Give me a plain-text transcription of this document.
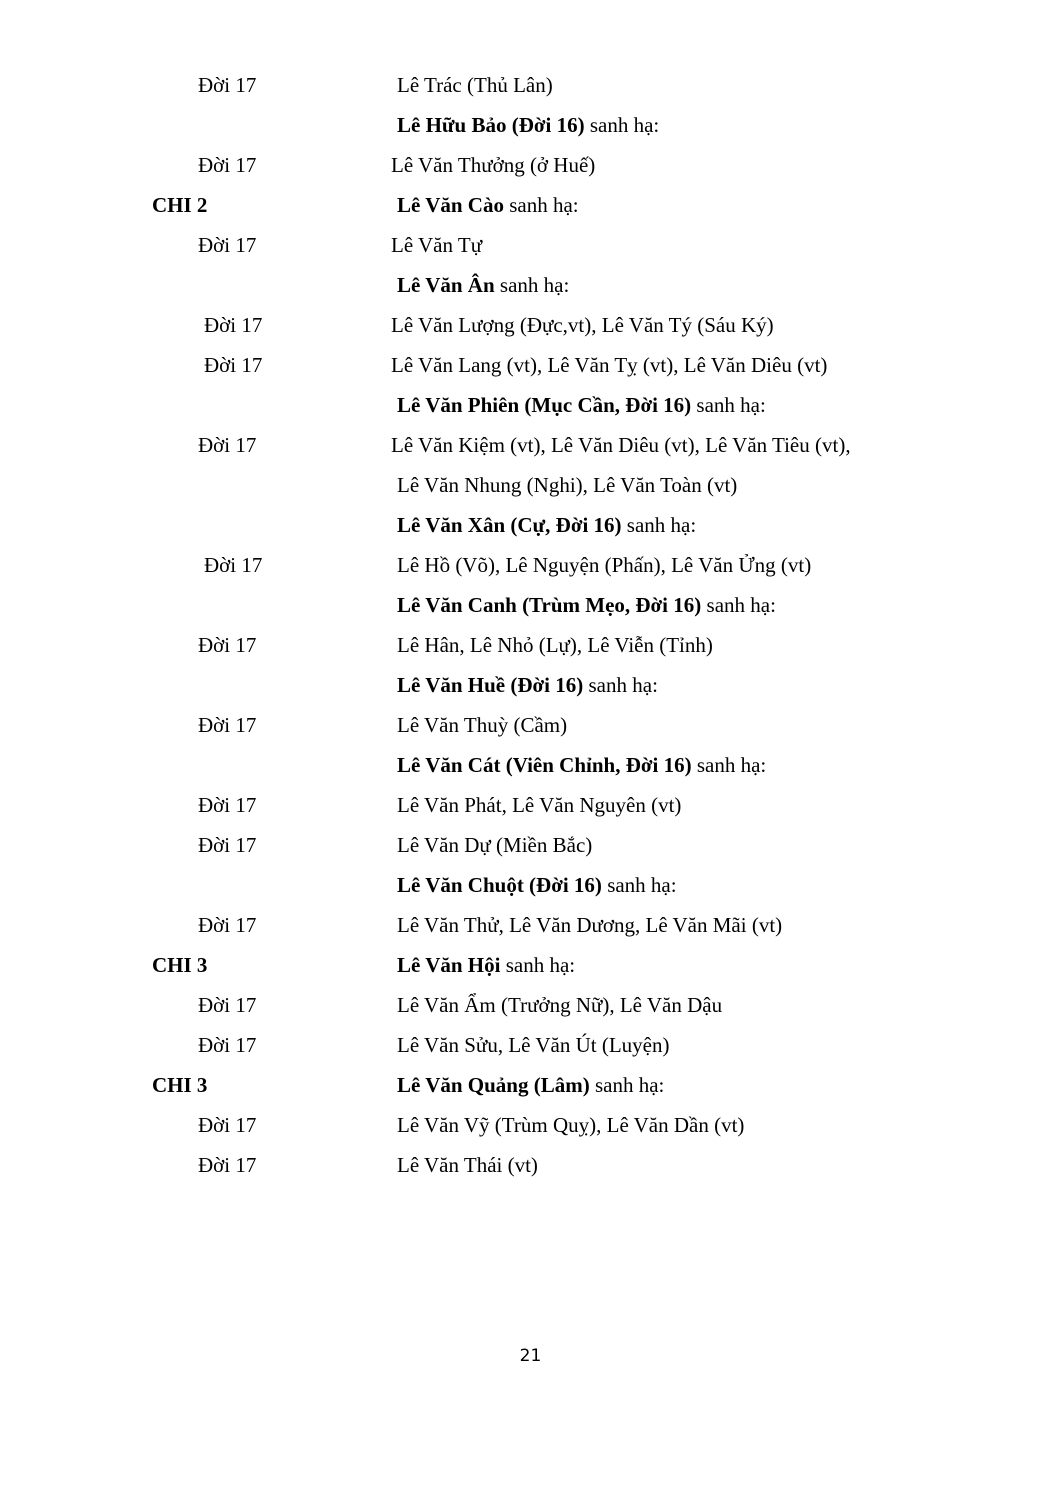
Đời 17	Lê Trác (Thủ Lân)
Lê Hữu Bảo (Đời 16) sanh hạ:
Đời 17	Lê Văn Thưởng (ở Huế)
CHI 2	Lê Văn Cào sanh hạ:
Đời 17	Lê Văn Tự
Lê Văn Ân sanh hạ:
Đời 17	Lê Văn Lượng (Đực,vt), Lê Văn Tý (Sáu Ký)
Đời 17	Lê Văn Lang (vt), Lê Văn Tỵ (vt), Lê Văn Diêu (vt)
Lê Văn Phiên (Mục Cần, Đời 16) sanh hạ:
Đời 17	Lê Văn Kiệm (vt), Lê Văn Diêu (vt), Lê Văn Tiêu (vt),
Lê Văn Nhung (Nghi), Lê Văn Toàn (vt)
Lê Văn Xân (Cự, Đời 16) sanh hạ:
Đời 17	Lê Hồ (Võ), Lê Nguyện (Phấn), Lê Văn Ửng (vt)
Lê Văn Canh (Trùm Mẹo, Đời 16) sanh hạ:
Đời 17	Lê Hân, Lê Nhỏ (Lự), Lê Viễn (Tỉnh)
Lê Văn Huề (Đời 16) sanh hạ:
Đời 17	Lê Văn Thuỳ (Cầm)
Lê Văn Cát (Viên Chỉnh, Đời 16) sanh hạ:
Đời 17	Lê Văn Phát, Lê Văn Nguyên (vt)
Đời 17	Lê Văn Dự (Miền Bắc)
Lê Văn Chuột (Đời 16) sanh hạ:
Đời 17	Lê Văn Thử, Lê Văn Dương, Lê Văn Mãi (vt)
CHI 3	Lê Văn Hội sanh hạ:
Đời 17	Lê Văn Ẩm (Trưởng Nữ), Lê Văn Dậu
Đời 17	Lê Văn Sửu, Lê Văn Út (Luyện)
CHI 3	Lê Văn Quảng (Lâm) sanh hạ:
Đời 17	Lê Văn Vỹ (Trùm Quỵ), Lê Văn Dần (vt)
Đời 17	Lê Văn Thái (vt)
21
